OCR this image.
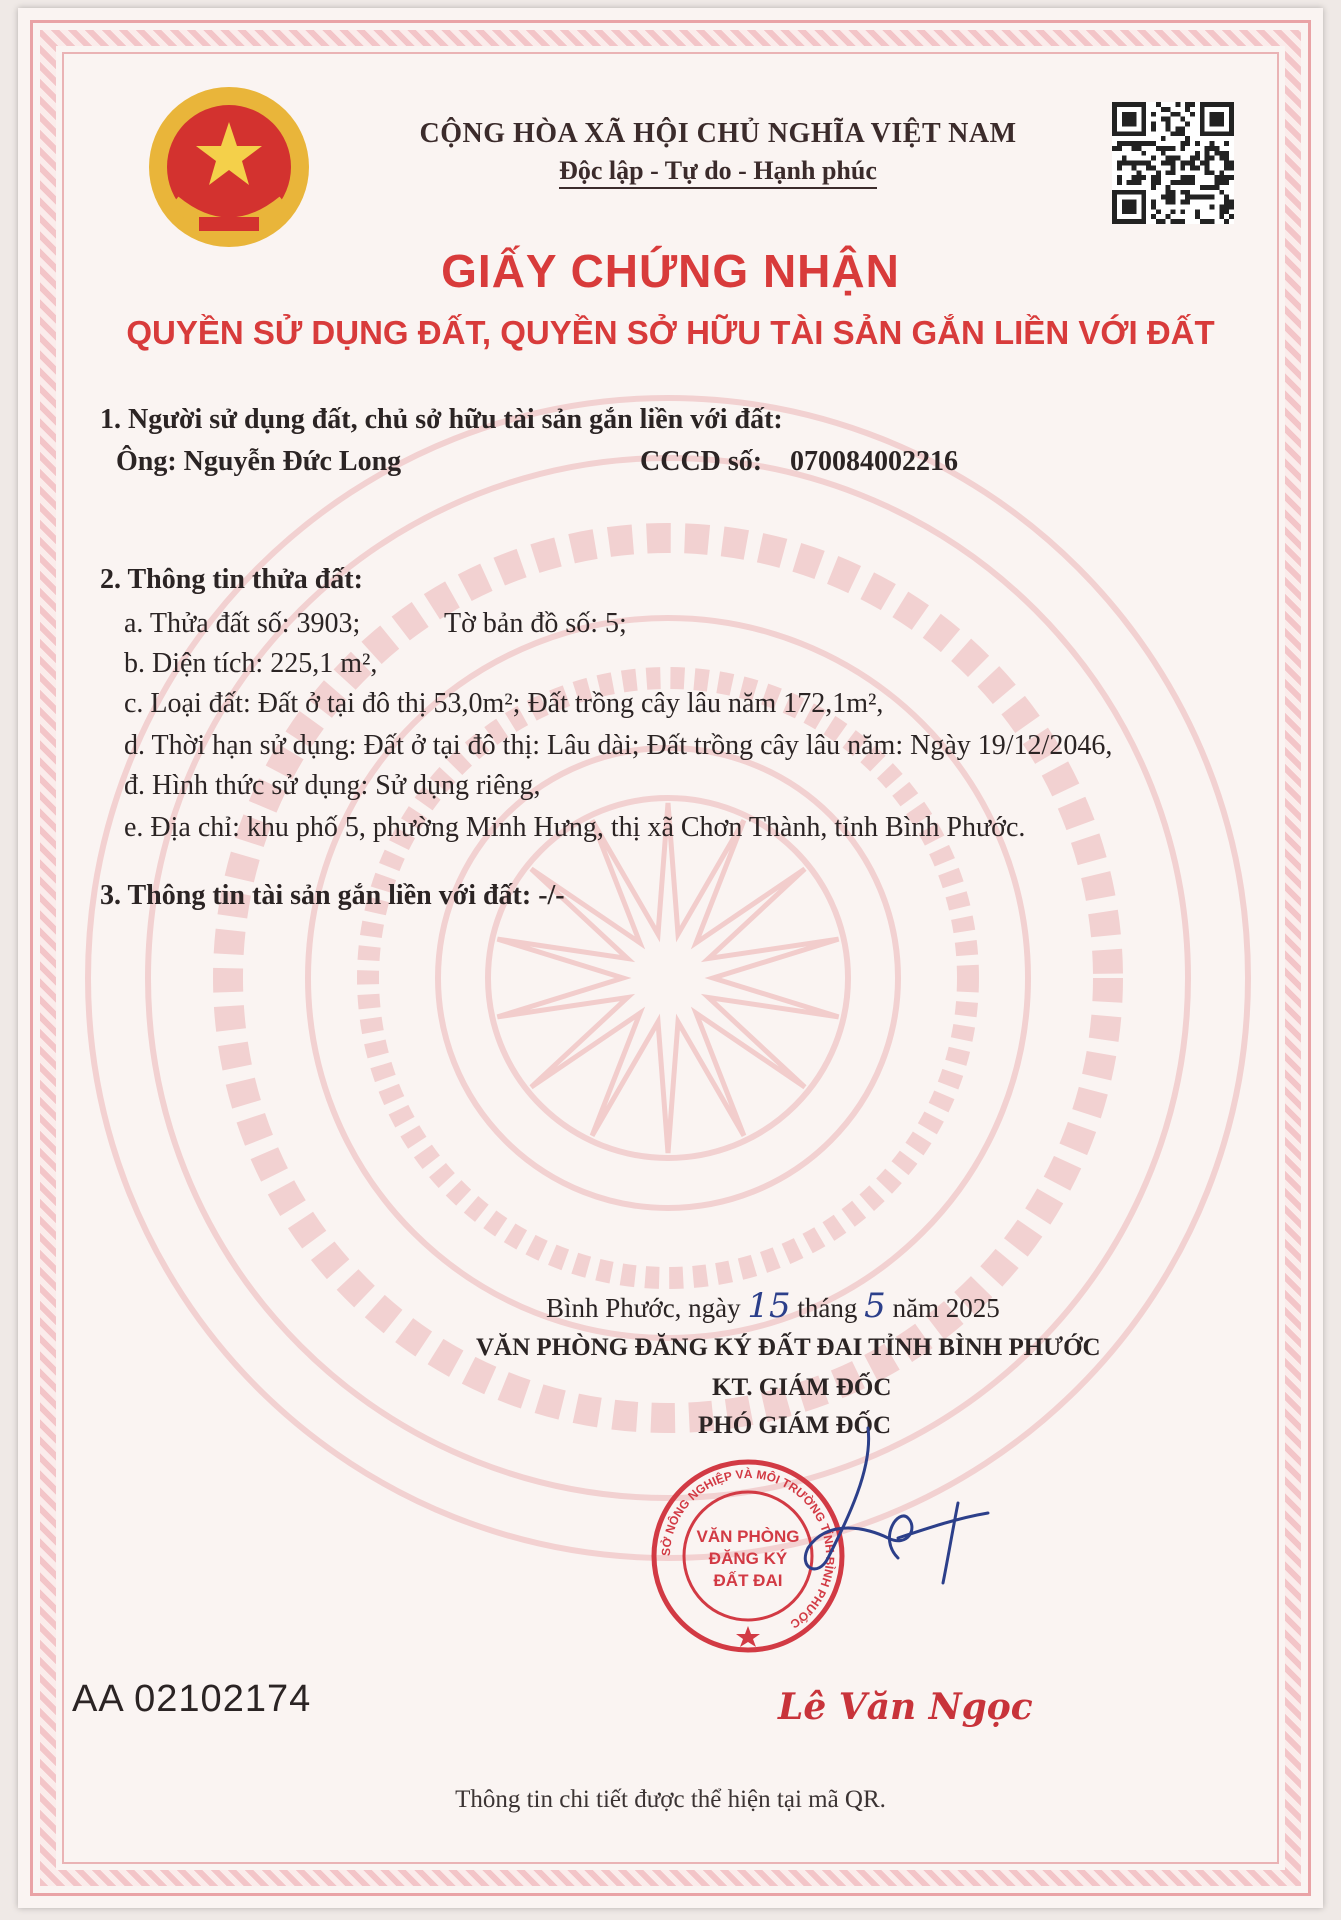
CỘNG HÒA XÃ HỘI CHỦ NGHĨA VIỆT NAM
Độc lập - Tự do - Hạnh phúc
GIẤY CHỨNG NHẬN
QUYỀN SỬ DỤNG ĐẤT, QUYỀN SỞ HỮU TÀI SẢN GẮN LIỀN VỚI ĐẤT
1. Người sử dụng đất, chủ sở hữu tài sản gắn liền với đất:
Ông: Nguyễn Đức Long	CCCD số: 070084002216
2. Thông tin thửa đất:
a. Thửa đất số: 3903;	Tờ bản đồ số: 5;
b. Diện tích: 225,1 m²,
c. Loại đất: Đất ở tại đô thị 53,0m²; Đất trồng cây lâu năm 172,1m²,
d. Thời hạn sử dụng: Đất ở tại đô thị: Lâu dài; Đất trồng cây lâu năm: Ngày 19/12/2046,
đ. Hình thức sử dụng: Sử dụng riêng,
e. Địa chỉ: khu phố 5, phường Minh Hưng, thị xã Chơn Thành, tỉnh Bình Phước.
3. Thông tin tài sản gắn liền với đất: -/-
Bình Phước, ngày 15 tháng 5 năm 2025
VĂN PHÒNG ĐĂNG KÝ ĐẤT ĐAI TỈNH BÌNH PHƯỚC
KT. GIÁM ĐỐC
PHÓ GIÁM ĐỐC
SỞ NÔNG NGHIỆP VÀ MÔI TRƯỜNG TỈNH BÌNH PHƯỚC
VĂN PHÒNG
ĐĂNG KÝ
ĐẤT ĐAI
Lê Văn Ngọc
AA 02102174
Thông tin chi tiết được thể hiện tại mã QR.
